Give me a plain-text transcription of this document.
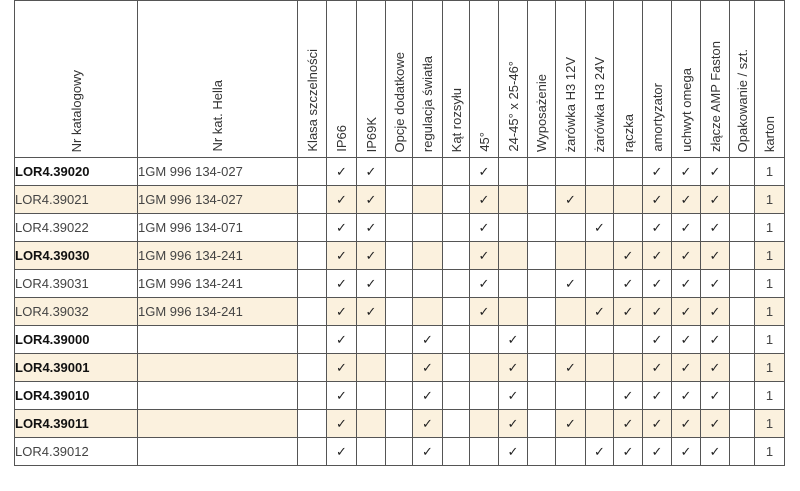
Nr katalogowy	Nr kat. Hella	Klasa szczelności	IP66	IP69K	Opcje dodatkowe	regulacja światła	Kąt rozsyłu	45°	24-45° x 25-46°	Wyposażenie	żarówka H3 12V	żarówka H3 24V	rączka	amortyzator	uchwyt omega	złącze AMP Faston	Opakowanie / szt.	karton
LOR4.39020	1GM 996 134-027		✓	✓				✓						✓	✓	✓		1
LOR4.39021	1GM 996 134-027		✓	✓				✓			✓			✓	✓	✓		1
LOR4.39022	1GM 996 134-071		✓	✓				✓				✓		✓	✓	✓		1
LOR4.39030	1GM 996 134-241		✓	✓				✓					✓	✓	✓	✓		1
LOR4.39031	1GM 996 134-241		✓	✓				✓			✓		✓	✓	✓	✓		1
LOR4.39032	1GM 996 134-241		✓	✓				✓				✓	✓	✓	✓	✓		1
LOR4.39000			✓			✓			✓					✓	✓	✓		1
LOR4.39001			✓			✓			✓		✓			✓	✓	✓		1
LOR4.39010			✓			✓			✓				✓	✓	✓	✓		1
LOR4.39011			✓			✓			✓		✓		✓	✓	✓	✓		1
LOR4.39012			✓			✓			✓			✓	✓	✓	✓	✓		1
